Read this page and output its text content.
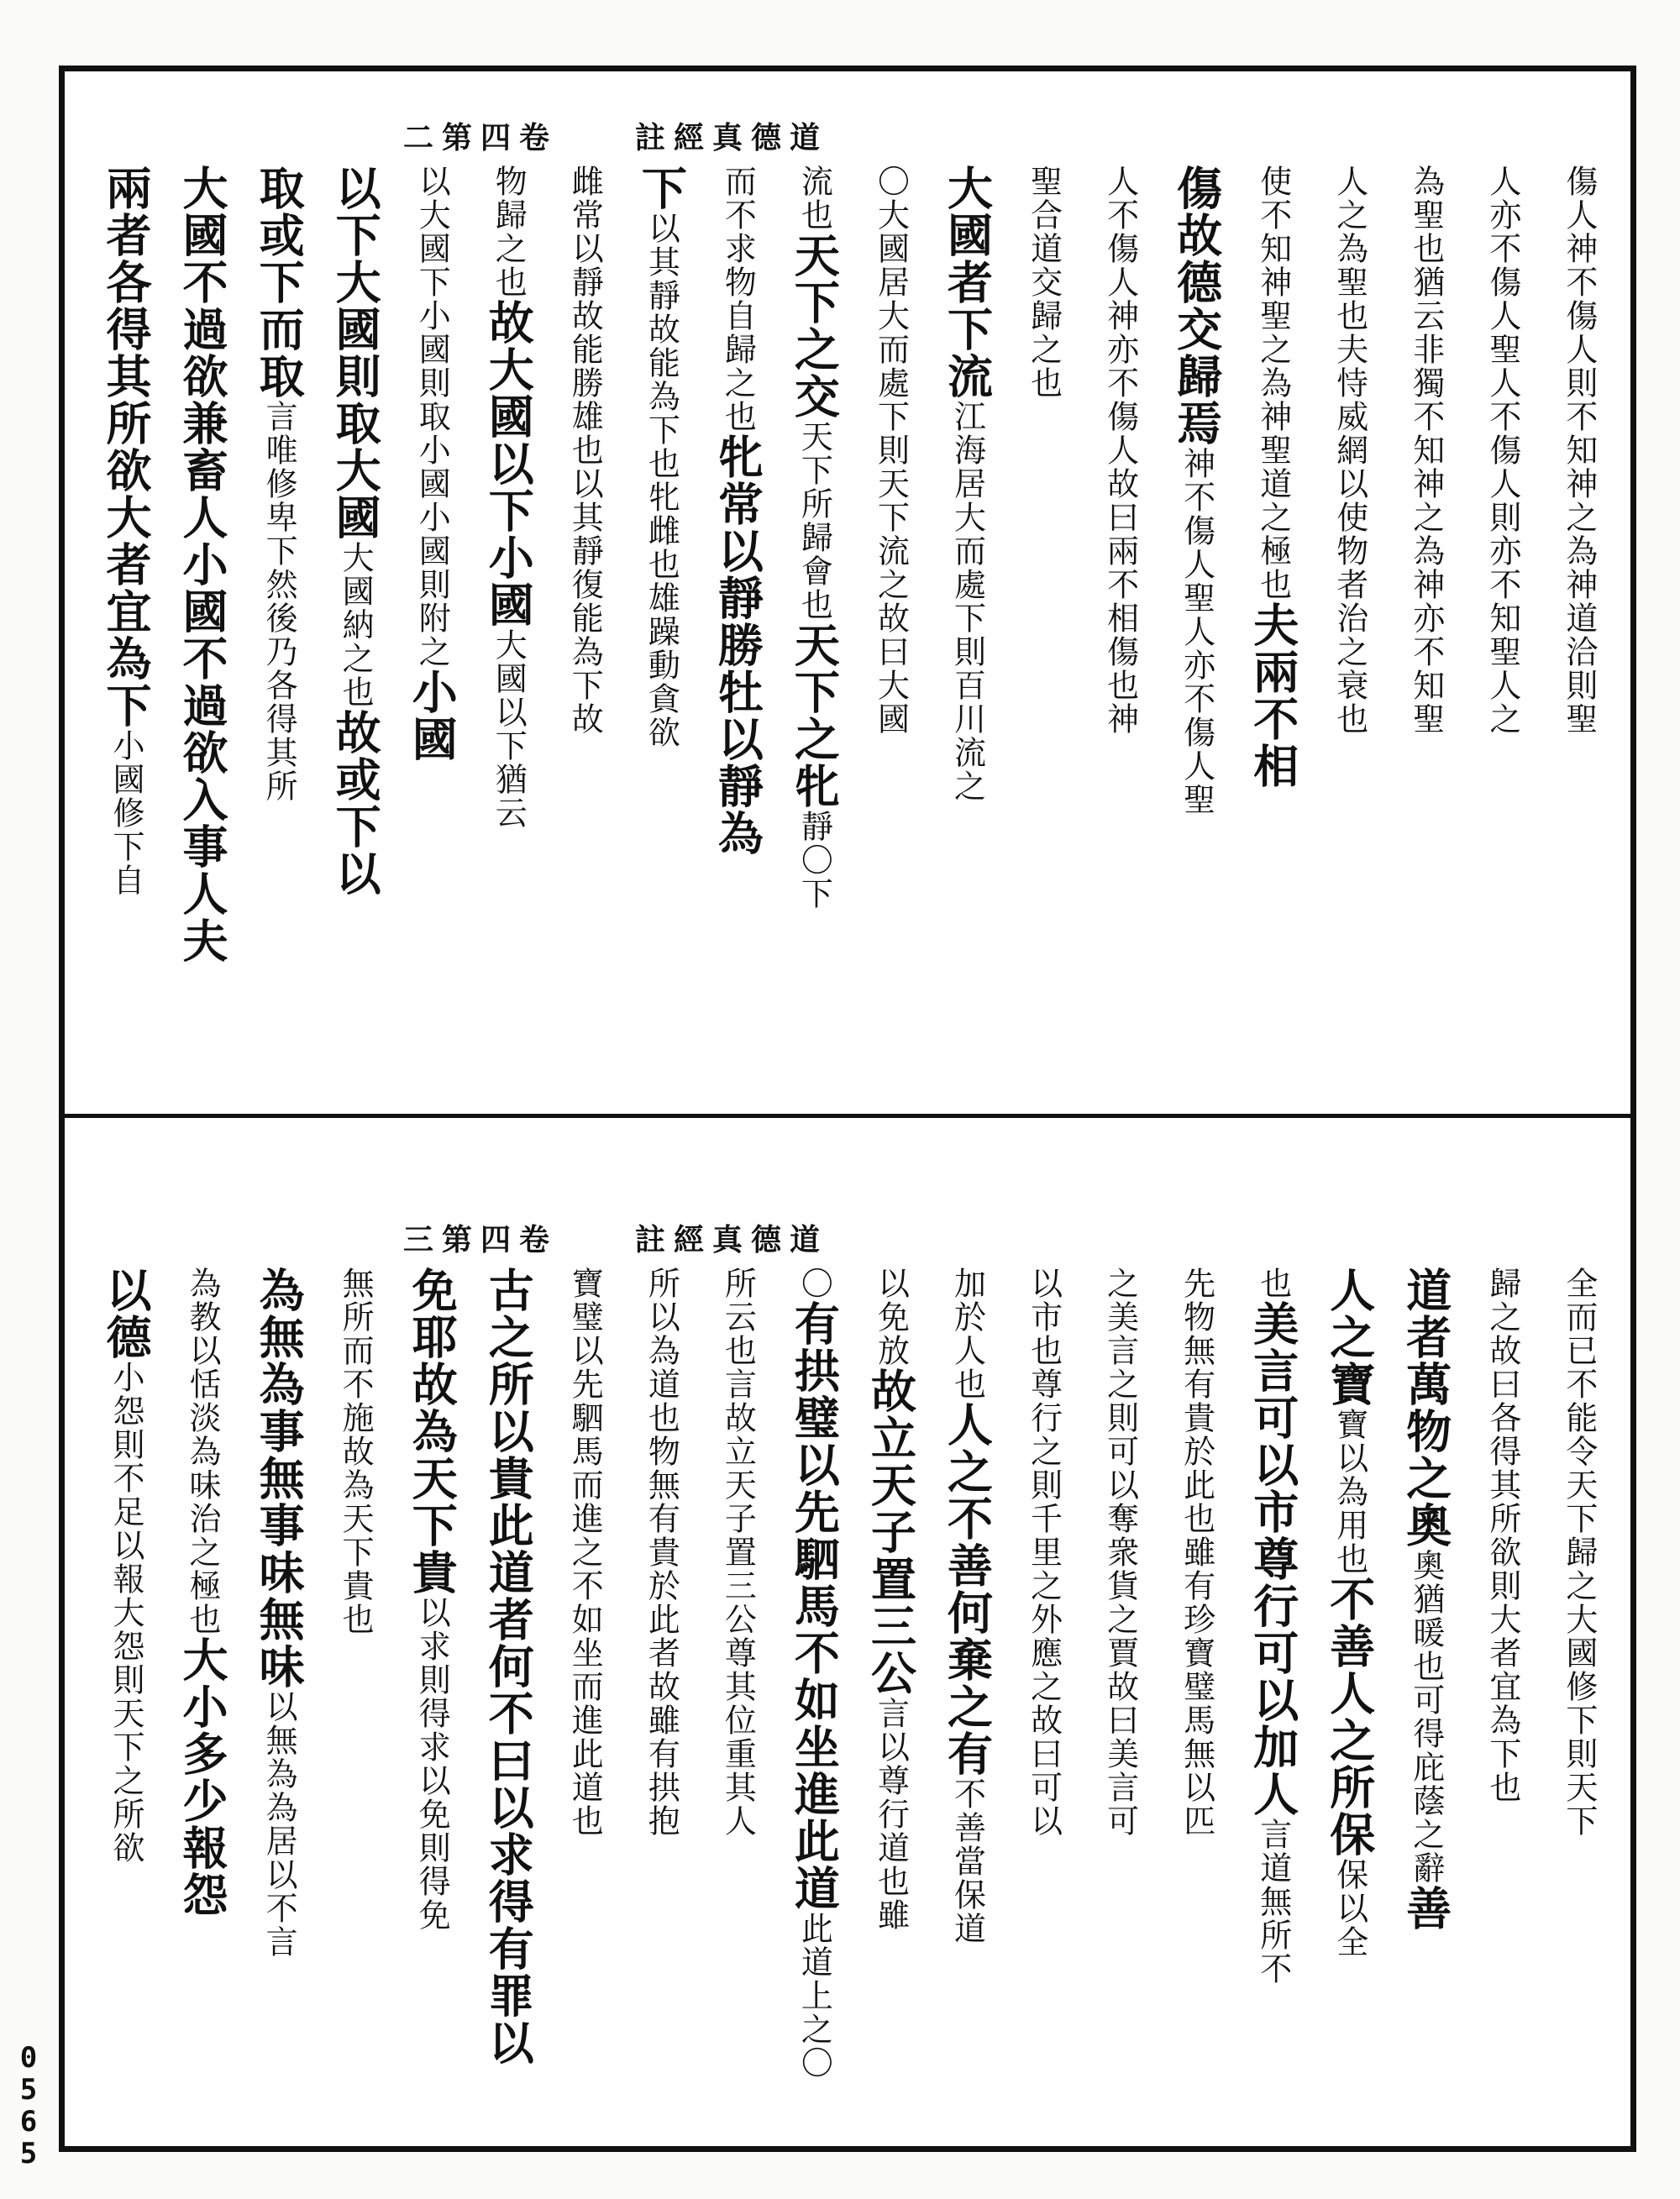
二第四卷　　註經真德道
三第四卷　　註經真德道
傷人神不傷人則不知神之為神道洽則聖
人亦不傷人聖人不傷人則亦不知聖人之
為聖也猶云非獨不知神之為神亦不知聖
人之為聖也夫恃威網以使物者治之衰也
使不知神聖之為神聖道之極也夫兩不相
傷故德交歸焉神不傷人聖人亦不傷人聖
人不傷人神亦不傷人故曰兩不相傷也神
聖合道交歸之也
大國者下流江海居大而處下則百川流之
〇大國居大而處下則天下流之故曰大國
流也天下之交天下所歸會也天下之牝靜〇下
而不求物自歸之也牝常以靜勝牡以靜為
下以其靜故能為下也牝雌也雄躁動貪欲
雌常以靜故能勝雄也以其靜復能為下故
物歸之也故大國以下小國大國以下猶云
以大國下小國則取小國小國則附之小國
以下大國則取大國大國納之也故或下以
取或下而取言唯修卑下然後乃各得其所
大國不過欲兼畜人小國不過欲入事人夫
兩者各得其所欲大者宜為下小國修下自
全而已不能令天下歸之大國修下則天下
歸之故曰各得其所欲則大者宜為下也
道者萬物之奧奧猶暖也可得庇蔭之辭善
人之寶寶以為用也不善人之所保保以全
也美言可以市尊行可以加人言道無所不
先物無有貴於此也雖有珍寶璧馬無以匹
之美言之則可以奪衆貨之賈故曰美言可
以市也尊行之則千里之外應之故曰可以
加於人也人之不善何棄之有不善當保道
以免放故立天子置三公言以尊行道也雖
〇有拱璧以先駟馬不如坐進此道此道上之〇
所云也言故立天子置三公尊其位重其人
所以為道也物無有貴於此者故雖有拱抱
寶璧以先駟馬而進之不如坐而進此道也
古之所以貴此道者何不曰以求得有罪以
免耶故為天下貴以求則得求以免則得免
無所而不施故為天下貴也
為無為事無事味無味以無為為居以不言
為教以恬淡為味治之極也大小多少報怨
以德小怨則不足以報大怨則天下之所欲
0565
